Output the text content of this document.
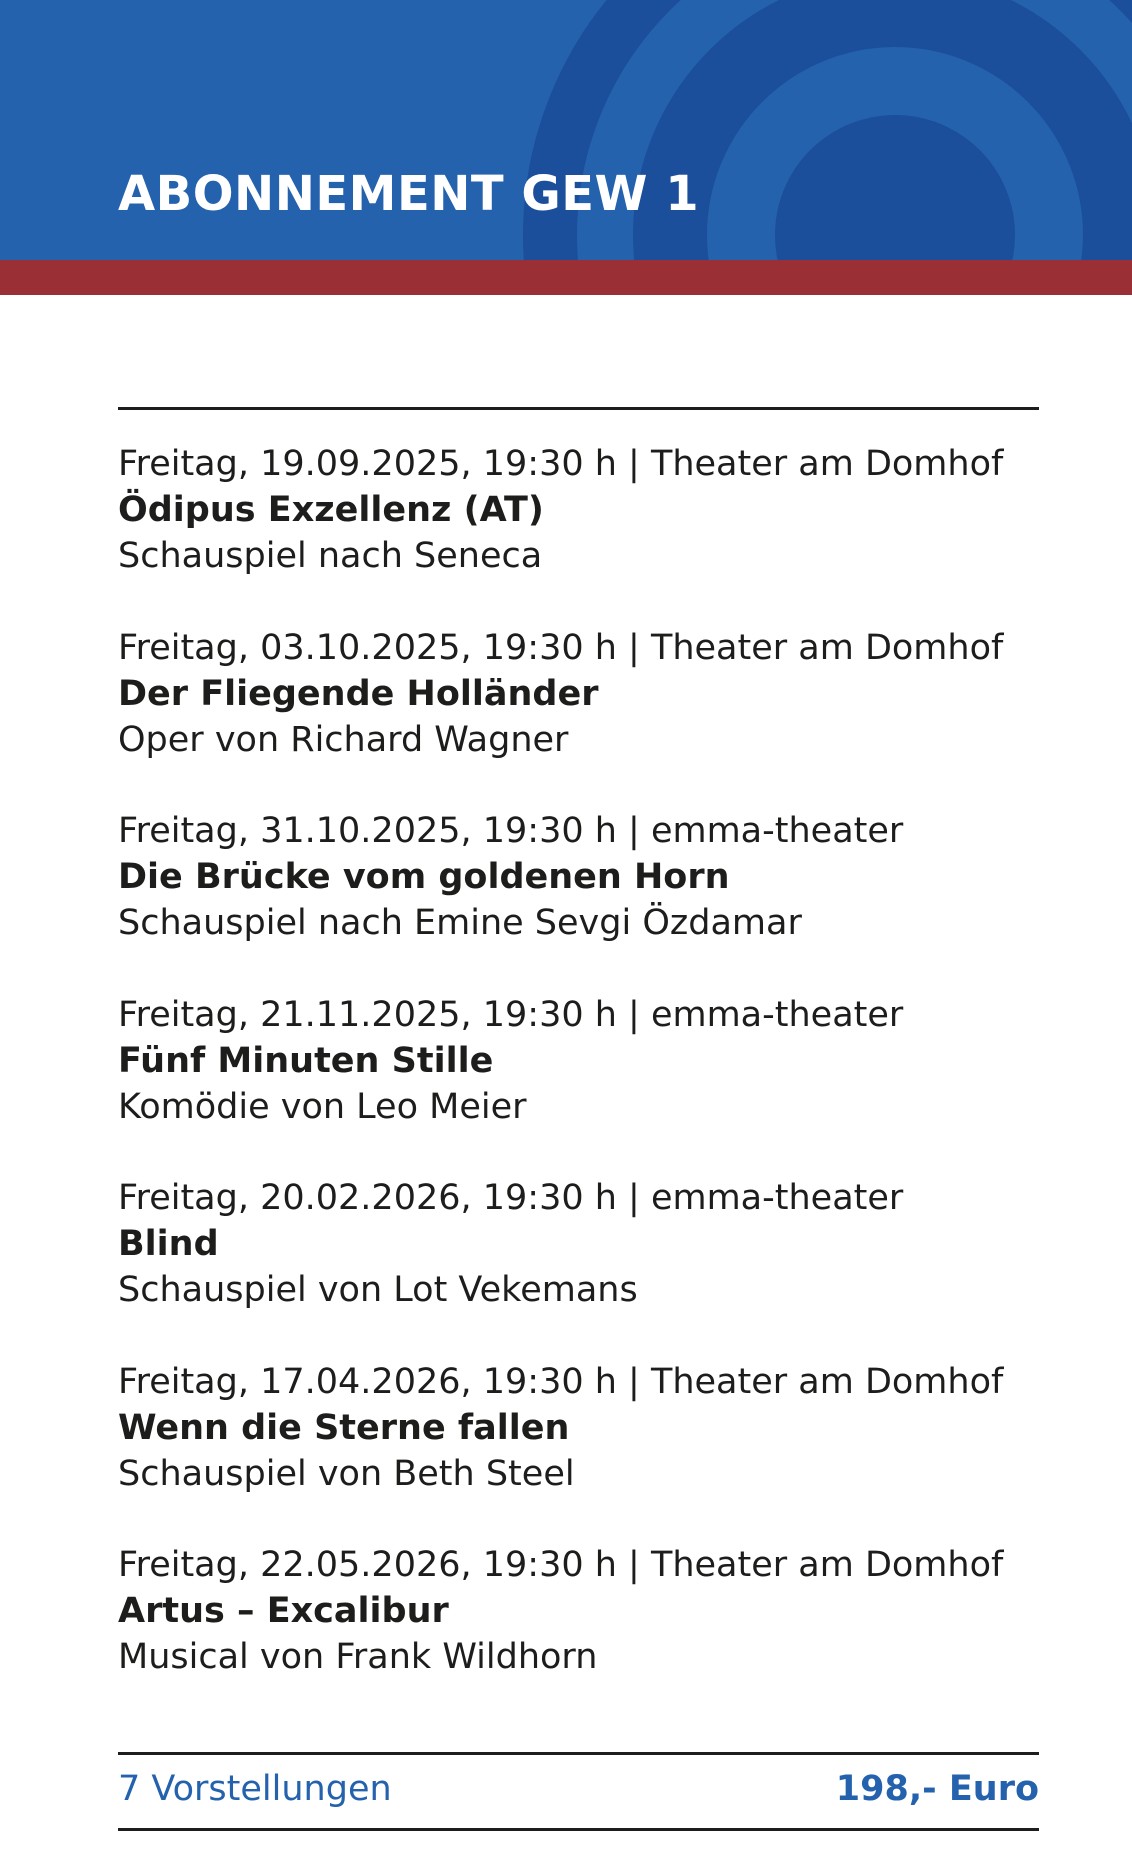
ABONNEMENT GEW 1
Freitag, 19.09.2025, 19:30 h | Theater am Domhof
Ödipus Exzellenz (AT)
Schauspiel nach Seneca
Freitag, 03.10.2025, 19:30 h | Theater am Domhof
Der Fliegende Holländer
Oper von Richard Wagner
Freitag, 31.10.2025, 19:30 h | emma-theater
Die Brücke vom goldenen Horn
Schauspiel nach Emine Sevgi Özdamar
Freitag, 21.11.2025, 19:30 h | emma-theater
Fünf Minuten Stille
Komödie von Leo Meier
Freitag, 20.02.2026, 19:30 h | emma-theater
Blind
Schauspiel von Lot Vekemans
Freitag, 17.04.2026, 19:30 h | Theater am Domhof
Wenn die Sterne fallen
Schauspiel von Beth Steel
Freitag, 22.05.2026, 19:30 h | Theater am Domhof
Artus – Excalibur
Musical von Frank Wildhorn
7 Vorstellungen	198,- Euro
